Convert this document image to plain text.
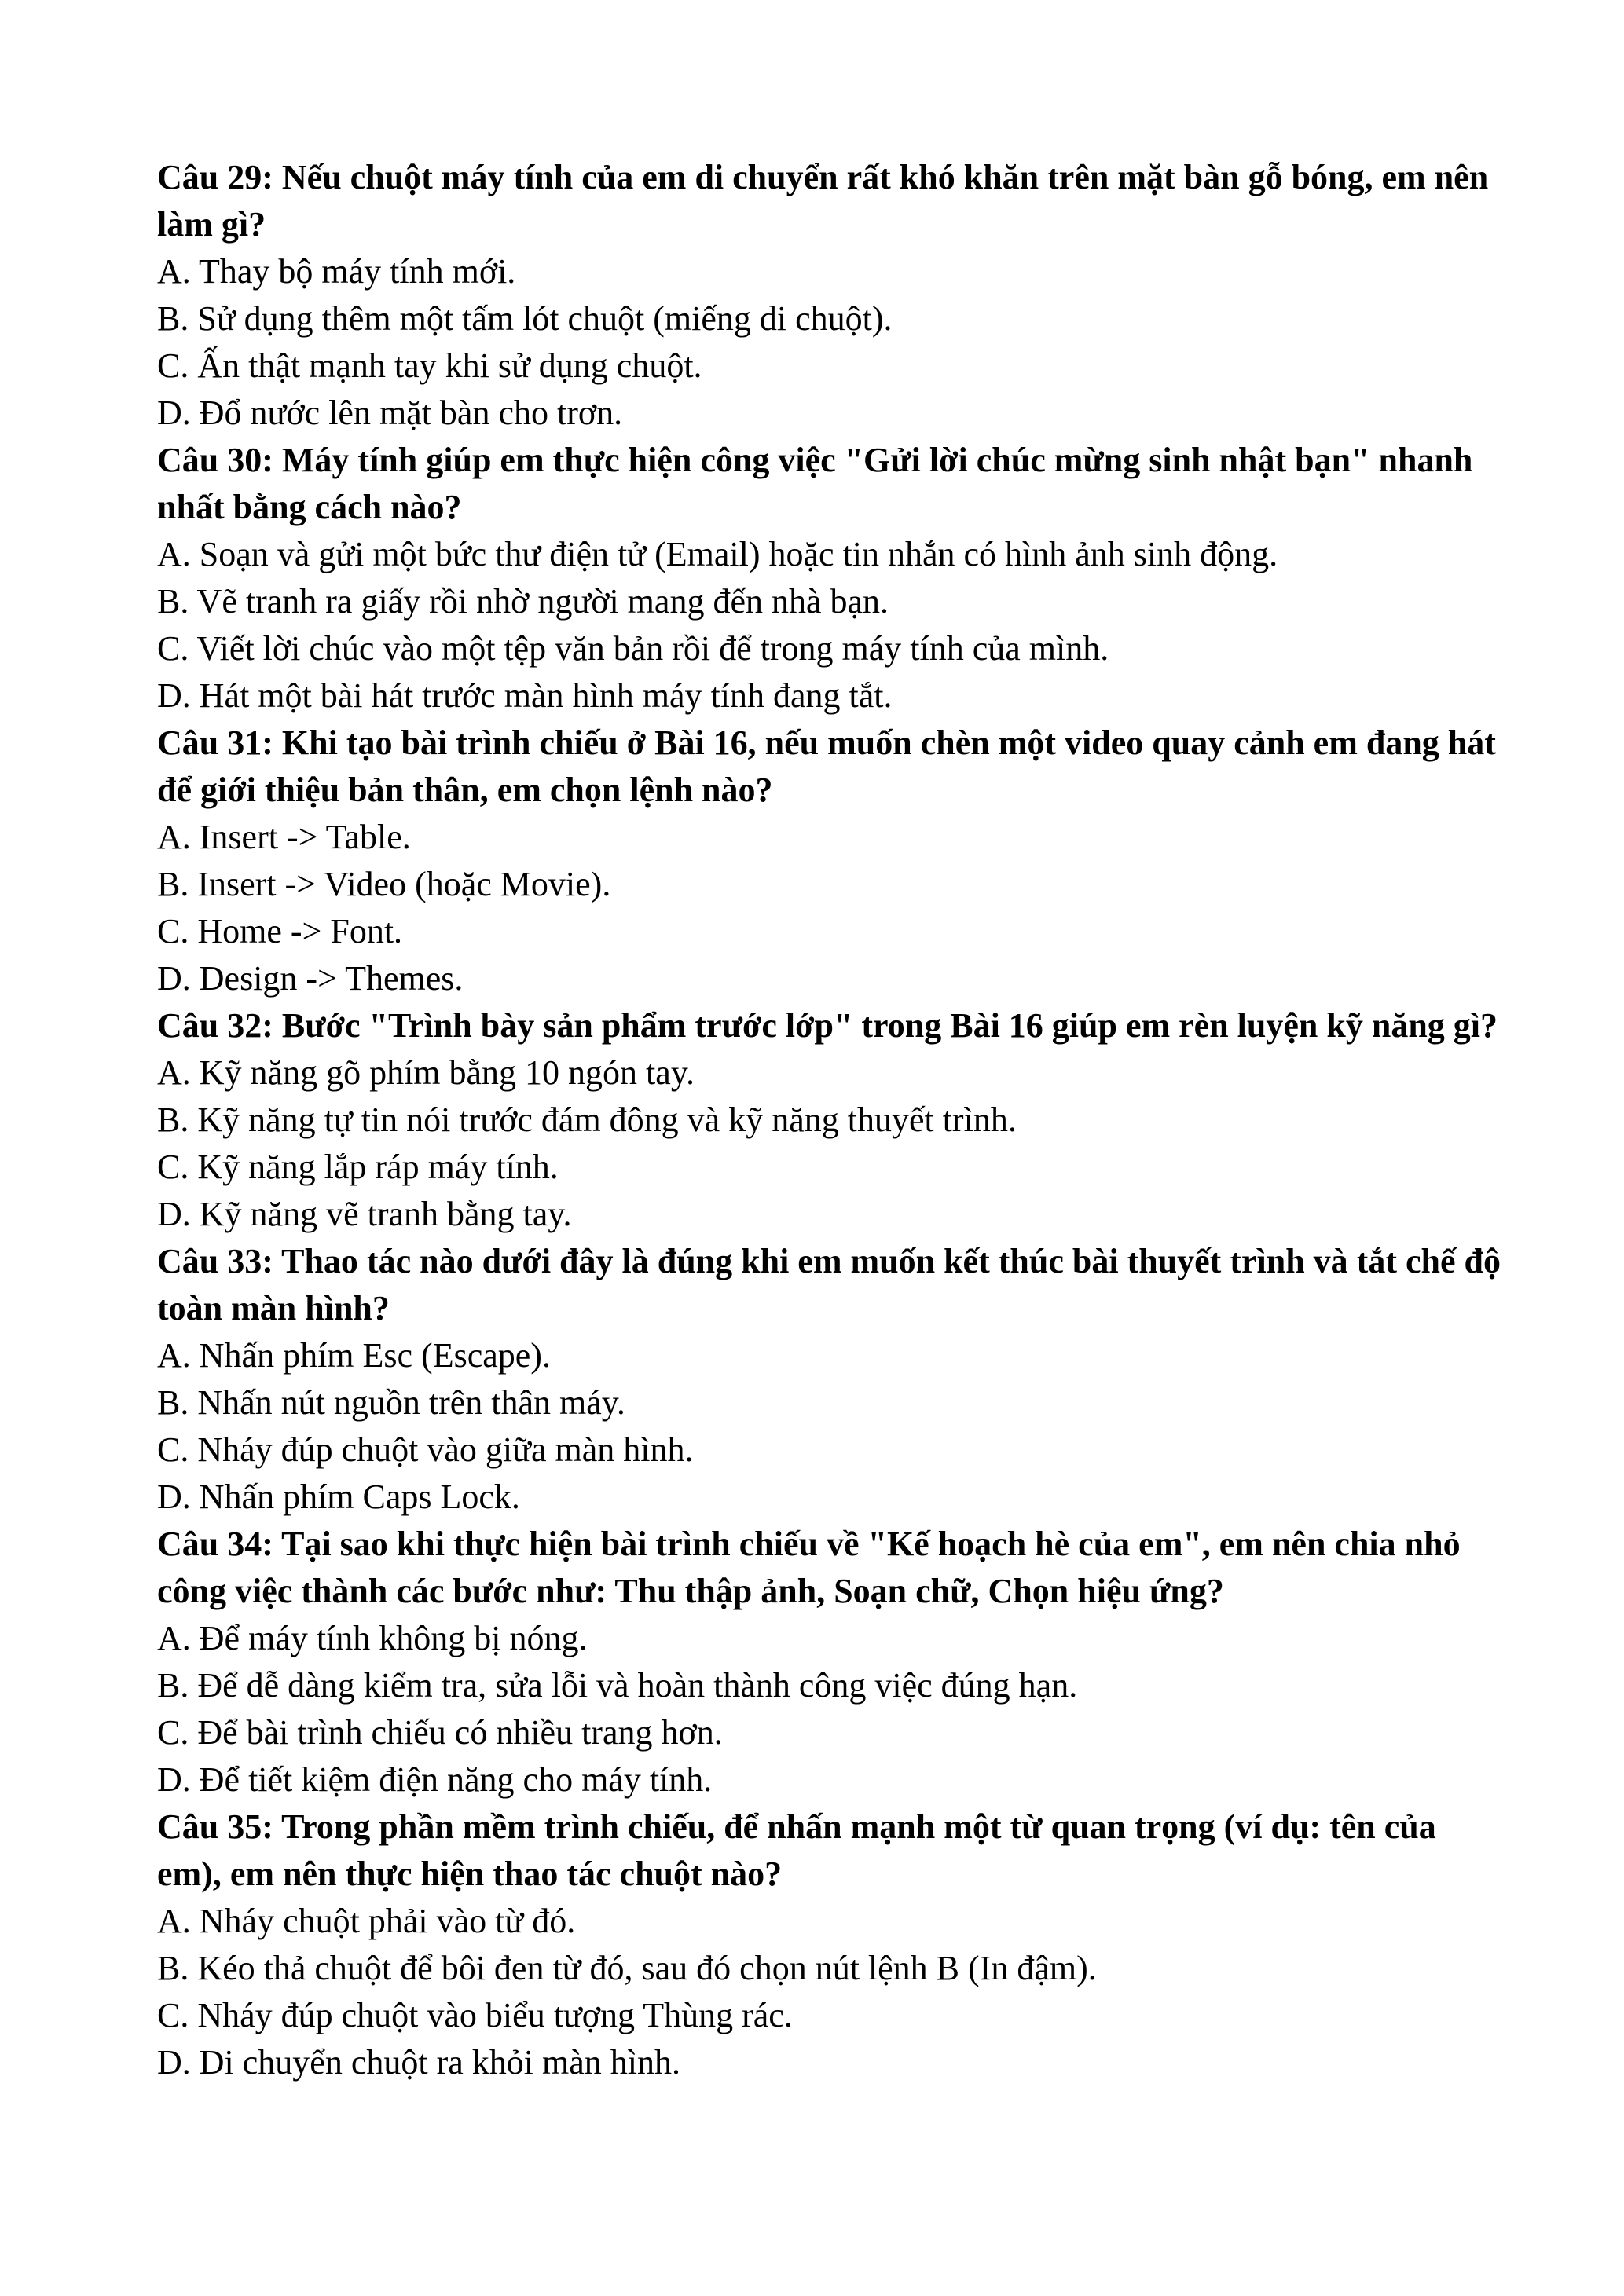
Câu 29: Nếu chuột máy tính của em di chuyển rất khó khăn trên mặt bàn gỗ bóng, em nên làm gì?

A. Thay bộ máy tính mới.

B. Sử dụng thêm một tấm lót chuột (miếng di chuột).

C. Ấn thật mạnh tay khi sử dụng chuột.

D. Đổ nước lên mặt bàn cho trơn.

Câu 30: Máy tính giúp em thực hiện công việc "Gửi lời chúc mừng sinh nhật bạn" nhanh nhất bằng cách nào?

A. Soạn và gửi một bức thư điện tử (Email) hoặc tin nhắn có hình ảnh sinh động.

B. Vẽ tranh ra giấy rồi nhờ người mang đến nhà bạn.

C. Viết lời chúc vào một tệp văn bản rồi để trong máy tính của mình.

D. Hát một bài hát trước màn hình máy tính đang tắt.

Câu 31: Khi tạo bài trình chiếu ở Bài 16, nếu muốn chèn một video quay cảnh em đang hát để giới thiệu bản thân, em chọn lệnh nào?

A. Insert -> Table.

B. Insert -> Video (hoặc Movie).

C. Home -> Font.

D. Design -> Themes.

Câu 32: Bước "Trình bày sản phẩm trước lớp" trong Bài 16 giúp em rèn luyện kỹ năng gì?

A. Kỹ năng gõ phím bằng 10 ngón tay.

B. Kỹ năng tự tin nói trước đám đông và kỹ năng thuyết trình.

C. Kỹ năng lắp ráp máy tính.

D. Kỹ năng vẽ tranh bằng tay.

Câu 33: Thao tác nào dưới đây là đúng khi em muốn kết thúc bài thuyết trình và tắt chế độ toàn màn hình?

A. Nhấn phím Esc (Escape).

B. Nhấn nút nguồn trên thân máy.

C. Nháy đúp chuột vào giữa màn hình.

D. Nhấn phím Caps Lock.

Câu 34: Tại sao khi thực hiện bài trình chiếu về "Kế hoạch hè của em", em nên chia nhỏ công việc thành các bước như: Thu thập ảnh, Soạn chữ, Chọn hiệu ứng?

A. Để máy tính không bị nóng.

B. Để dễ dàng kiểm tra, sửa lỗi và hoàn thành công việc đúng hạn.

C. Để bài trình chiếu có nhiều trang hơn.

D. Để tiết kiệm điện năng cho máy tính.

Câu 35: Trong phần mềm trình chiếu, để nhấn mạnh một từ quan trọng (ví dụ: tên của em), em nên thực hiện thao tác chuột nào?

A. Nháy chuột phải vào từ đó.

B. Kéo thả chuột để bôi đen từ đó, sau đó chọn nút lệnh B (In đậm).

C. Nháy đúp chuột vào biểu tượng Thùng rác.

D. Di chuyển chuột ra khỏi màn hình.
